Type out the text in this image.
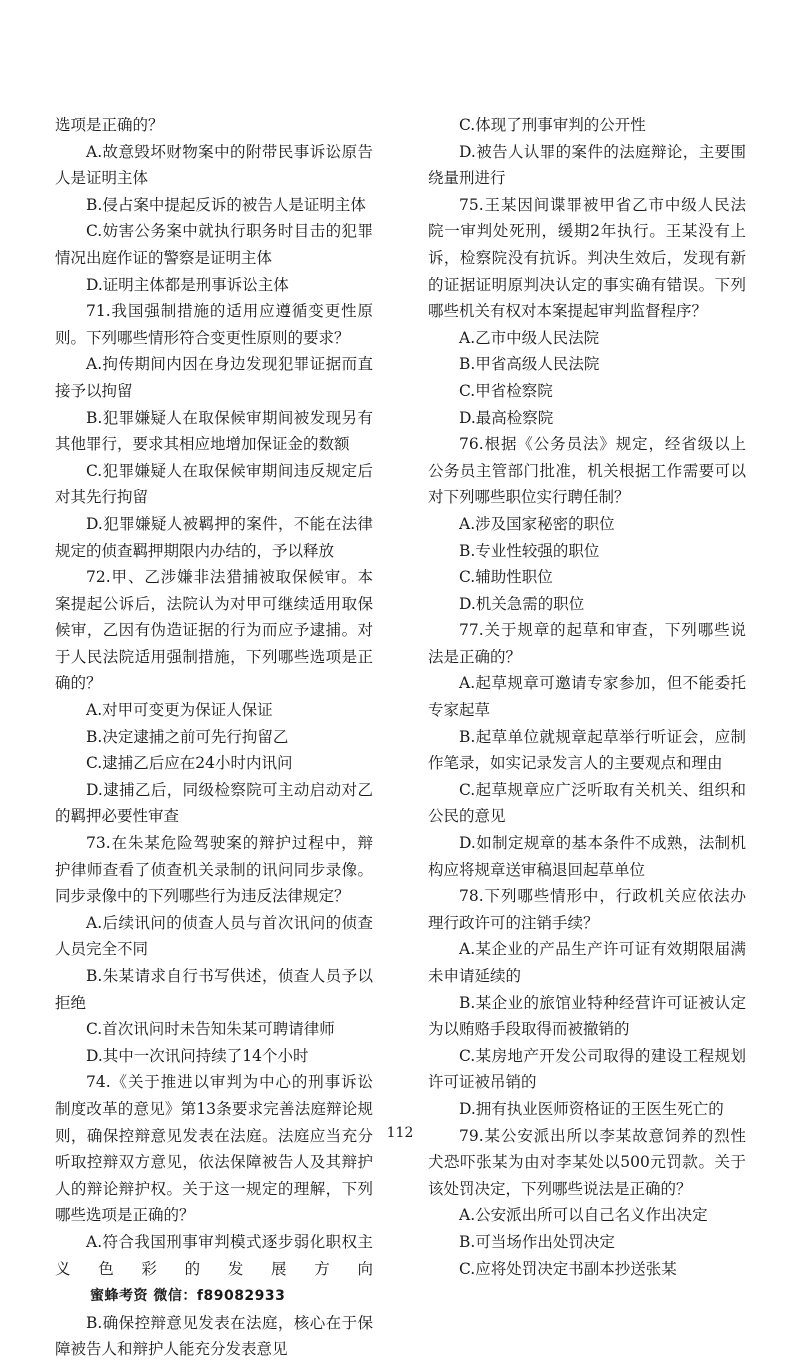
选项是正确的？

A.故意毁坏财物案中的附带民事诉讼原告人是证明主体

B.侵占案中提起反诉的被告人是证明主体

C.妨害公务案中就执行职务时目击的犯罪情况出庭作证的警察是证明主体

D.证明主体都是刑事诉讼主体

71.我国强制措施的适用应遵循变更性原则。下列哪些情形符合变更性原则的要求？

A.拘传期间内因在身边发现犯罪证据而直接予以拘留

B.犯罪嫌疑人在取保候审期间被发现另有其他罪行，要求其相应地增加保证金的数额

C.犯罪嫌疑人在取保候审期间违反规定后对其先行拘留

D.犯罪嫌疑人被羁押的案件，不能在法律规定的侦查羁押期限内办结的，予以释放

72.甲、乙涉嫌非法猎捕被取保候审。本案提起公诉后，法院认为对甲可继续适用取保候审，乙因有伪造证据的行为而应予逮捕。对于人民法院适用强制措施，下列哪些选项是正确的？

A.对甲可变更为保证人保证

B.决定逮捕之前可先行拘留乙

C.逮捕乙后应在24小时内讯问

D.逮捕乙后，同级检察院可主动启动对乙的羁押必要性审查

73.在朱某危险驾驶案的辩护过程中，辩护律师查看了侦查机关录制的讯问同步录像。同步录像中的下列哪些行为违反法律规定？

A.后续讯问的侦查人员与首次讯问的侦查人员完全不同

B.朱某请求自行书写供述，侦查人员予以拒绝

C.首次讯问时未告知朱某可聘请律师

D.其中一次讯问持续了14个小时

74.《关于推进以审判为中心的刑事诉讼制度改革的意见》第13条要求完善法庭辩论规则，确保控辩意见发表在法庭。法庭应当充分听取控辩双方意见，依法保障被告人及其辩护人的辩论辩护权。关于这一规定的理解，下列哪些选项是正确的？

A.符合我国刑事审判模式逐步弱化职权主义色彩的发展方向蜜蜂考资 微信：f89082933

B.确保控辩意见发表在法庭，核心在于保障被告人和辩护人能充分发表意见

C.体现了刑事审判的公开性

D.被告人认罪的案件的法庭辩论，主要围绕量刑进行

75.王某因间谍罪被甲省乙市中级人民法院一审判处死刑，缓期2年执行。王某没有上诉，检察院没有抗诉。判决生效后，发现有新的证据证明原判决认定的事实确有错误。下列哪些机关有权对本案提起审判监督程序？

A.乙市中级人民法院

B.甲省高级人民法院

C.甲省检察院

D.最高检察院

76.根据《公务员法》规定，经省级以上公务员主管部门批准，机关根据工作需要可以对下列哪些职位实行聘任制？

A.涉及国家秘密的职位

B.专业性较强的职位

C.辅助性职位

D.机关急需的职位

77.关于规章的起草和审查，下列哪些说法是正确的？

A.起草规章可邀请专家参加，但不能委托专家起草

B.起草单位就规章起草举行听证会，应制作笔录，如实记录发言人的主要观点和理由

C.起草规章应广泛听取有关机关、组织和公民的意见

D.如制定规章的基本条件不成熟，法制机构应将规章送审稿退回起草单位

78.下列哪些情形中，行政机关应依法办理行政许可的注销手续？

A.某企业的产品生产许可证有效期限届满未申请延续的

B.某企业的旅馆业特种经营许可证被认定为以贿赂手段取得而被撤销的

C.某房地产开发公司取得的建设工程规划许可证被吊销的

D.拥有执业医师资格证的王医生死亡的

79.某公安派出所以李某故意饲养的烈性犬恐吓张某为由对李某处以500元罚款。关于该处罚决定，下列哪些说法是正确的？

A.公安派出所可以自己名义作出决定

B.可当场作出处罚决定

C.应将处罚决定书副本抄送张某

112
